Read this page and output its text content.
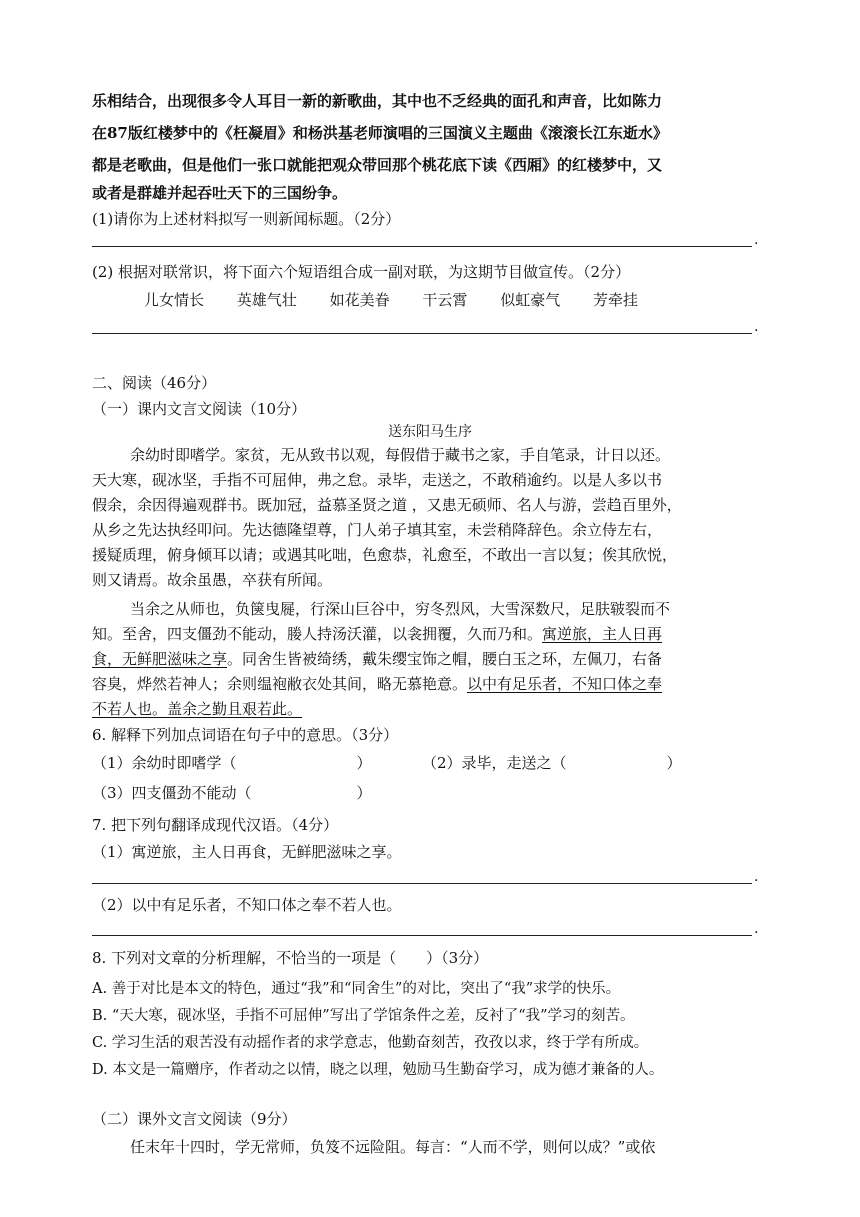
乐相结合，出现很多令人耳目一新的新歌曲，其中也不乏经典的面孔和声音，比如陈力
在87版红楼梦中的《枉凝眉》和杨洪基老师演唱的三国演义主题曲《滚滚长江东逝水》
都是老歌曲，但是他们一张口就能把观众带回那个桃花底下读《西厢》的红楼梦中，又
或者是群雄并起吞吐天下的三国纷争。
(1)请你为上述材料拟写一则新闻标题。（2分）
.
(2) 根据对联常识，将下面六个短语组合成一副对联，为这期节目做宣传。（2分）
儿女情长 英雄气壮 如花美眷 干云霄 似虹豪气 芳牵挂
.
二、阅读（46分）
（一）课内文言文阅读（10分）
送东阳马生序
余幼时即嗜学。家贫，无从致书以观，每假借于藏书之家，手自笔录，计日以还。
天大寒，砚冰坚，手指不可屈伸，弗之怠。录毕，走送之，不敢稍逾约。以是人多以书
假余，余因得遍观群书。既加冠，益慕圣贤之道 ，又患无硕师、名人与游，尝趋百里外，
从乡之先达执经叩问。先达德隆望尊，门人弟子填其室，未尝稍降辞色。余立侍左右，
援疑质理，俯身倾耳以请；或遇其叱咄，色愈恭，礼愈至，不敢出一言以复；俟其欣悦，
则又请焉。故余虽愚，卒获有所闻。
当余之从师也，负箧曳屣，行深山巨谷中，穷冬烈风，大雪深数尺，足肤皲裂而不
知。至舍，四支僵劲不能动，媵人持汤沃灌，以衾拥覆，久而乃和。寓逆旅，主人日再
食，无鲜肥滋味之享。同舍生皆被绮绣，戴朱缨宝饰之帽，腰白玉之环，左佩刀，右备
容臭，烨然若神人；余则缊袍敝衣处其间，略无慕艳意。以中有足乐者，不知口体之奉
不若人也。盖余之勤且艰若此。
6. 解释下列加点词语在句子中的意思。（3分）
（1）余幼时即嗜学（	）	（2）录毕，走送之（	）
（3）四支僵劲不能动（	）
7. 把下列句翻译成现代汉语。（4分）
（1）寓逆旅，主人日再食，无鲜肥滋味之享。
.
（2）以中有足乐者，不知口体之奉不若人也。
.
8. 下列对文章的分析理解，不恰当的一项是（　　）（3分）
A. 善于对比是本文的特色，通过“我”和“同舍生”的对比，突出了“我”求学的快乐。
B. “天大寒，砚冰坚，手指不可屈伸”写出了学馆条件之差，反衬了“我”学习的刻苦。
C. 学习生活的艰苦没有动摇作者的求学意志，他勤奋刻苦，孜孜以求，终于学有所成。
D. 本文是一篇赠序，作者动之以情，晓之以理，勉励马生勤奋学习，成为德才兼备的人。
（二）课外文言文阅读（9分）
任末年十四时，学无常师，负笈不远险阻。每言：“人而不学，则何以成？”或依
